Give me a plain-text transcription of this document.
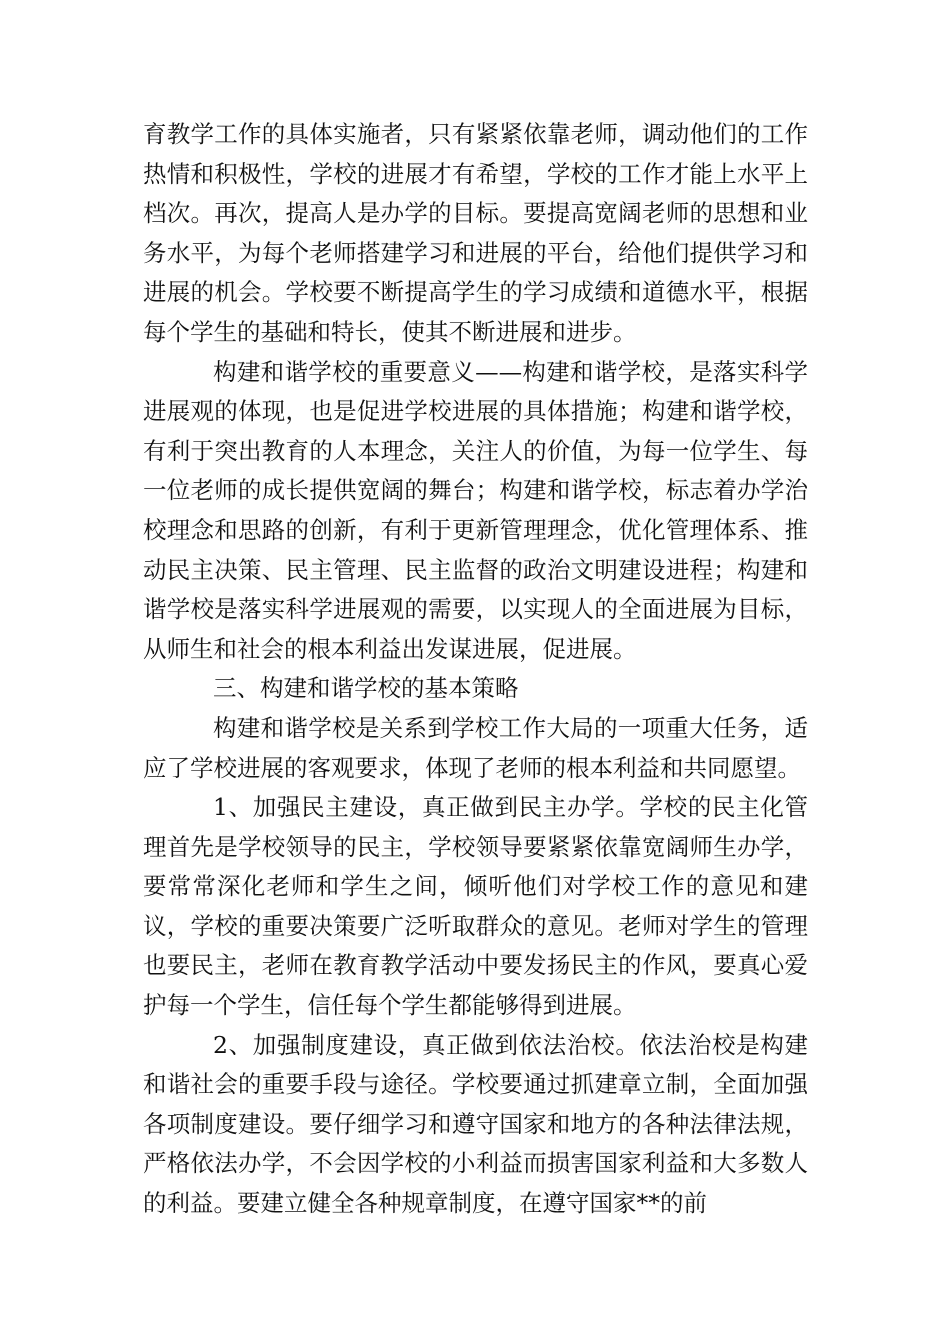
育教学工作的具体实施者，只有紧紧依靠老师，调动他们的工作热情和积极性，学校的进展才有希望，学校的工作才能上水平上档次。再次，提高人是办学的目标。要提高宽阔老师的思想和业务水平，为每个老师搭建学习和进展的平台，给他们提供学习和进展的机会。学校要不断提高学生的学习成绩和道德水平，根据每个学生的基础和特长，使其不断进展和进步。

构建和谐学校的重要意义——构建和谐学校，是落实科学进展观的体现，也是促进学校进展的具体措施；构建和谐学校，有利于突出教育的人本理念，关注人的价值，为每一位学生、每一位老师的成长提供宽阔的舞台；构建和谐学校，标志着办学治校理念和思路的创新，有利于更新管理理念，优化管理体系、推动民主决策、民主管理、民主监督的政治文明建设进程；构建和谐学校是落实科学进展观的需要，以实现人的全面进展为目标，从师生和社会的根本利益出发谋进展，促进展。

三、构建和谐学校的基本策略

构建和谐学校是关系到学校工作大局的一项重大任务，适应了学校进展的客观要求，体现了老师的根本利益和共同愿望。

1、加强民主建设，真正做到民主办学。学校的民主化管理首先是学校领导的民主，学校领导要紧紧依靠宽阔师生办学，要常常深化老师和学生之间，倾听他们对学校工作的意见和建议，学校的重要决策要广泛听取群众的意见。老师对学生的管理也要民主，老师在教育教学活动中要发扬民主的作风，要真心爱护每一个学生，信任每个学生都能够得到进展。

2、加强制度建设，真正做到依法治校。依法治校是构建和谐社会的重要手段与途径。学校要通过抓建章立制，全面加强各项制度建设。要仔细学习和遵守国家和地方的各种法律法规，严格依法办学，不会因学校的小利益而损害国家利益和大多数人的利益。要建立健全各种规章制度，在遵守国家**的前
